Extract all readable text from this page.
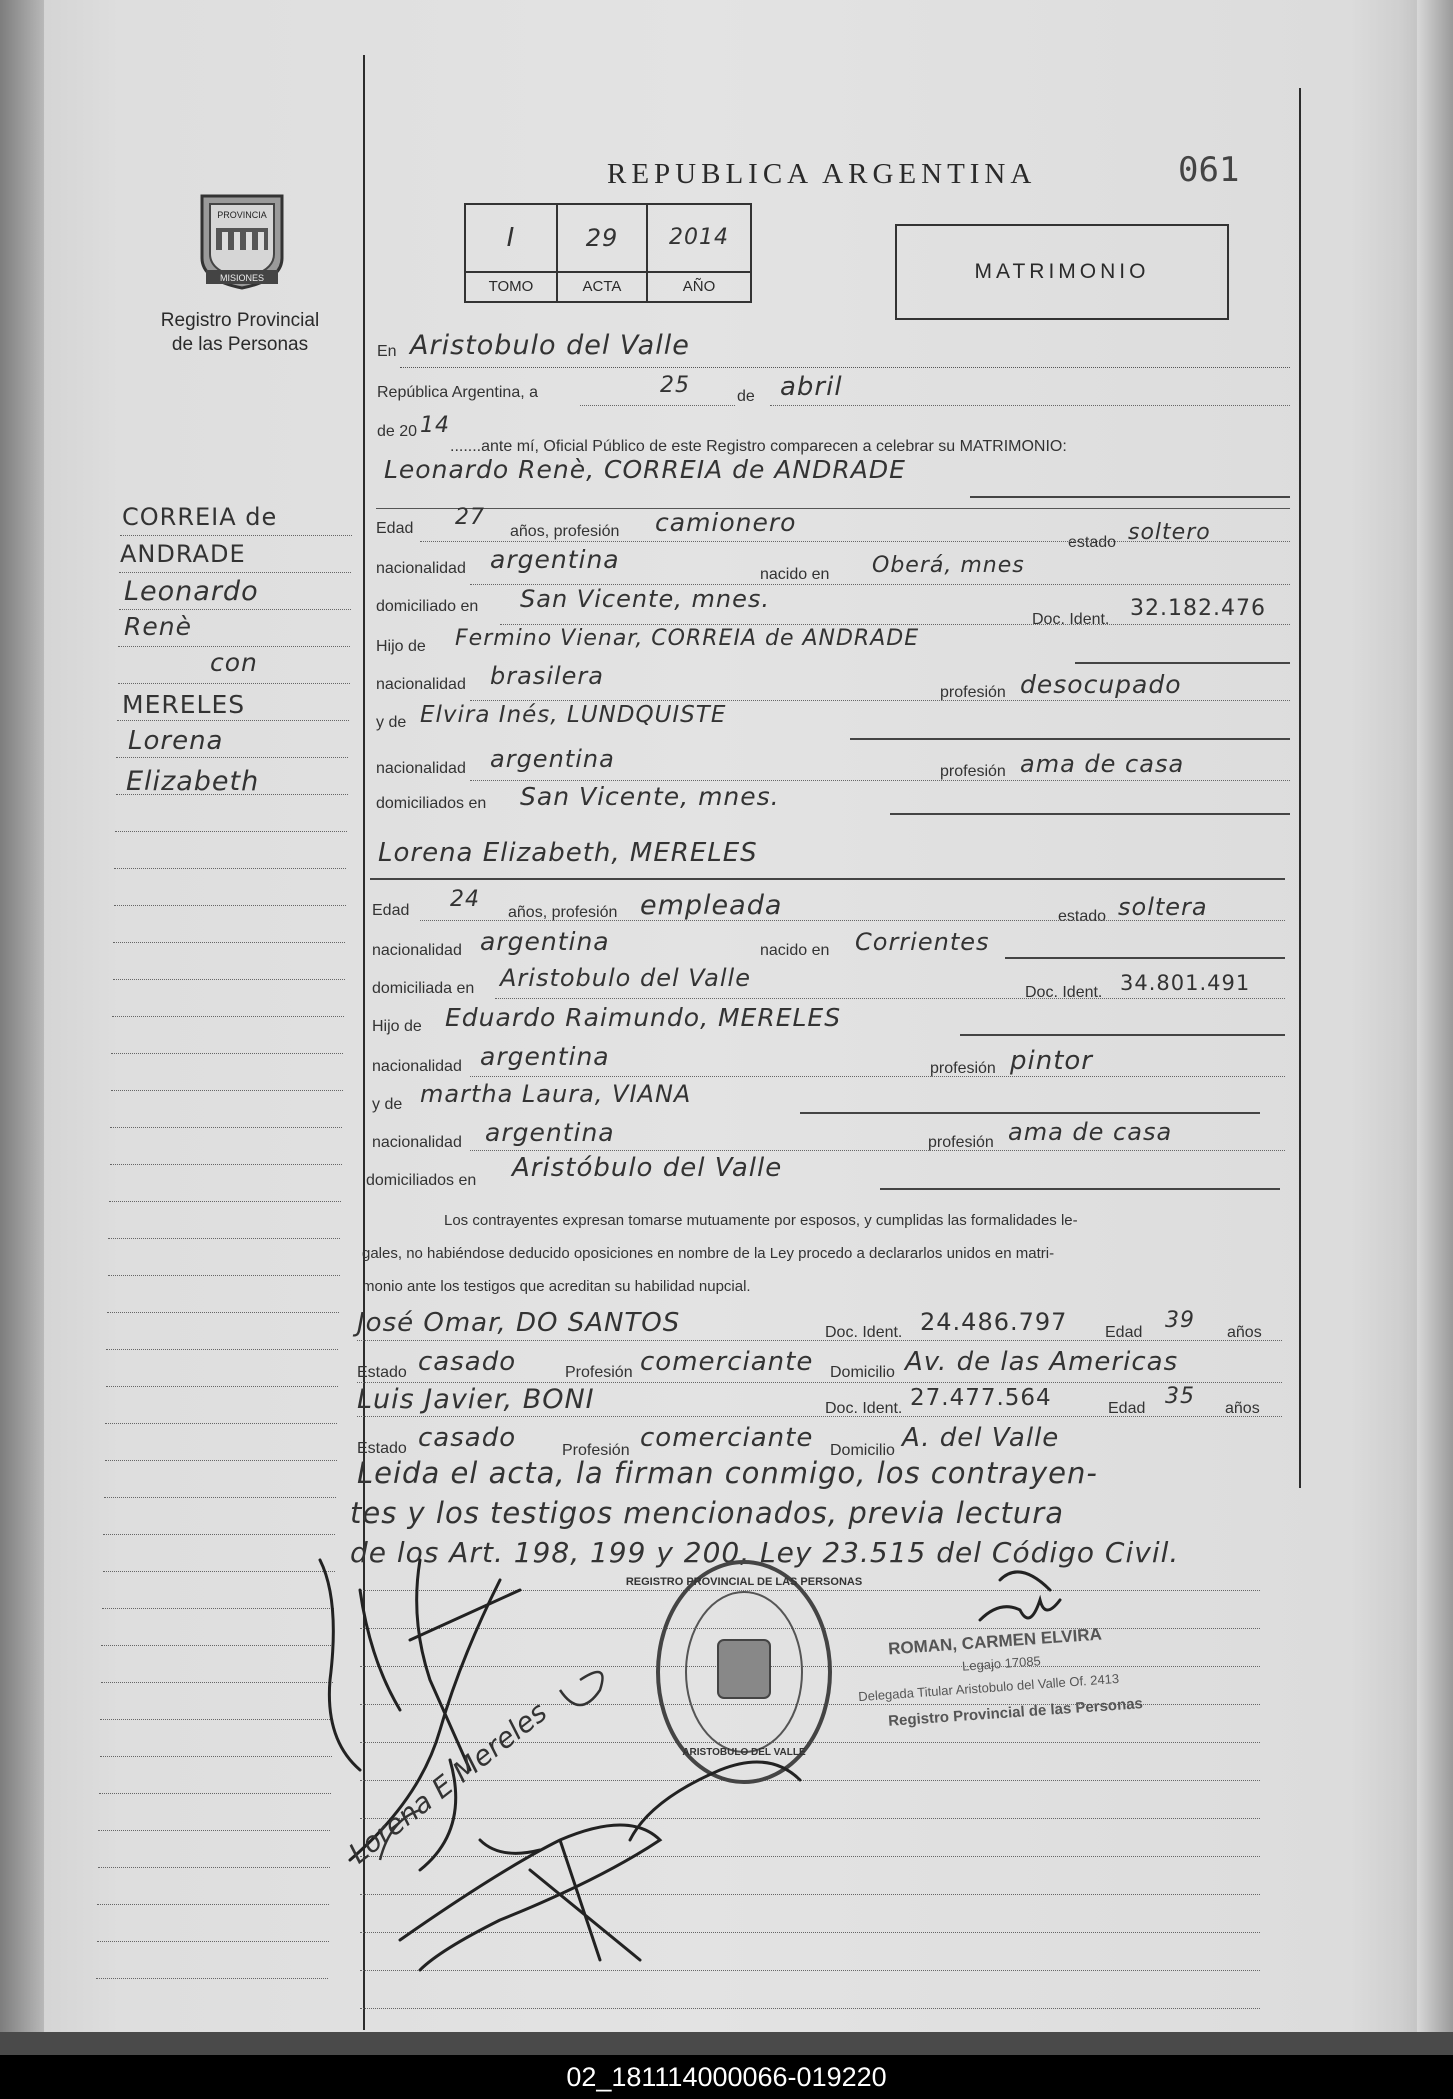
REPUBLICA ARGENTINA	061
I	29	2014
TOMO	ACTA	AÑO
MATRIMONIO
PROVINCIA
MISIONES
Registro Provincial
de las Personas
CORREIA de
ANDRADE
Leonardo
Renè
con
MERELES
Lorena
Elizabeth
En Aristobulo del Valle
República Argentina, a	25	de abril
de 20 14
.......ante mí, Oficial Público de este Registro comparecen a celebrar su MATRIMONIO:
Leonardo Renè, CORREIA de ANDRADE
Edad 27
años, profesión camionero
estado soltero
nacionalidad argentina
nacido en Oberá, mnes
domiciliado en San Vicente, mnes.
Doc. Ident. 32.182.476
Hijo de Fermino Vienar, CORREIA de ANDRADE
nacionalidad brasilera
profesión desocupado
y de Elvira Inés, LUNDQUISTE
nacionalidad argentina	profesión ama de casa
domiciliados en San Vicente, mnes.
Lorena Elizabeth, MERELES
Edad 24
años, profesión empleada	estado soltera
nacionalidad argentina	nacido en Corrientes
domiciliada en Aristobulo del Valle
Doc. Ident. 34.801.491
Hijo de Eduardo Raimundo, MERELES
nacionalidad argentina	profesión pintor
y de martha Laura, VIANA
nacionalidad argentina	profesión ama de casa
domiciliados en Aristóbulo del Valle
Los contrayentes expresan tomarse mutuamente por esposos, y cumplidas las formalidades le-
gales, no habiéndose deducido oposiciones en nombre de la Ley procedo a declararlos unidos en matri-
monio ante los testigos que acreditan su habilidad nupcial.
José Omar, DO SANTOS	Doc. Ident. 24.486.797 Edad 39 años
Estado casado	Profesión comerciante Domicilio Av. de las Americas
Luis Javier, BONI	Doc. Ident. 27.477.564	Edad 35 años
Estado casado	Profesión comerciante Domicilio A. del Valle
Leida el acta, la firman conmigo, los contrayen-
tes y los testigos mencionados, previa lectura
de los Art. 198, 199 y 200, Ley 23.515 del Código Civil.
REGISTRO PROVINCIAL DE LAS PERSONAS
ARISTOBULO DEL VALLE
ROMAN, CARMEN ELVIRA
Legajo 17085
Delegada Titular Aristobulo del Valle Of. 2413
Registro Provincial de las Personas
Lorena E Mereles
02_181114000066-019220
